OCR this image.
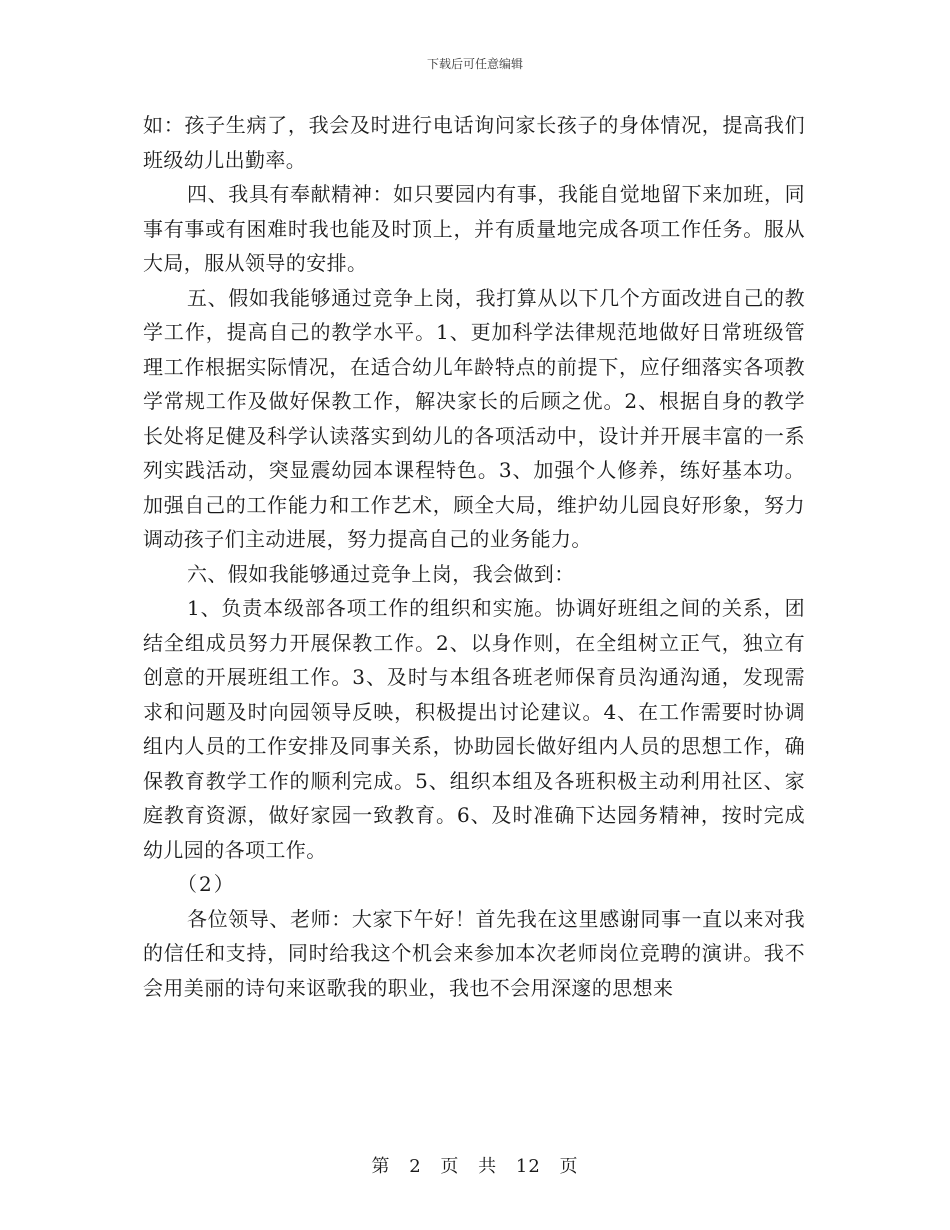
下载后可任意编辑

如：孩子生病了，我会及时进行电话询问家长孩子的身体情况，提高我们班级幼儿出勤率。

四、我具有奉献精神：如只要园内有事，我能自觉地留下来加班，同事有事或有困难时我也能及时顶上，并有质量地完成各项工作任务。服从大局，服从领导的安排。

五、假如我能够通过竞争上岗，我打算从以下几个方面改进自己的教学工作，提高自己的教学水平。1、更加科学法律规范地做好日常班级管理工作根据实际情况，在适合幼儿年龄特点的前提下，应仔细落实各项教学常规工作及做好保教工作，解决家长的后顾之优。2、根据自身的教学长处将足健及科学认读落实到幼儿的各项活动中，设计并开展丰富的一系列实践活动，突显震幼园本课程特色。3、加强个人修养，练好基本功。加强自己的工作能力和工作艺术，顾全大局，维护幼儿园良好形象，努力调动孩子们主动进展，努力提高自己的业务能力。

六、假如我能够通过竞争上岗，我会做到：

1、负责本级部各项工作的组织和实施。协调好班组之间的关系，团结全组成员努力开展保教工作。2、以身作则，在全组树立正气，独立有创意的开展班组工作。3、及时与本组各班老师保育员沟通沟通，发现需求和问题及时向园领导反映，积极提出讨论建议。4、在工作需要时协调组内人员的工作安排及同事关系，协助园长做好组内人员的思想工作，确保教育教学工作的顺利完成。5、组织本组及各班积极主动利用社区、家庭教育资源，做好家园一致教育。6、及时准确下达园务精神，按时完成幼儿园的各项工作。

（2）

各位领导、老师：大家下午好！首先我在这里感谢同事一直以来对我的信任和支持，同时给我这个机会来参加本次老师岗位竞聘的演讲。我不会用美丽的诗句来讴歌我的职业，我也不会用深邃的思想来

第 2 页 共 12 页
